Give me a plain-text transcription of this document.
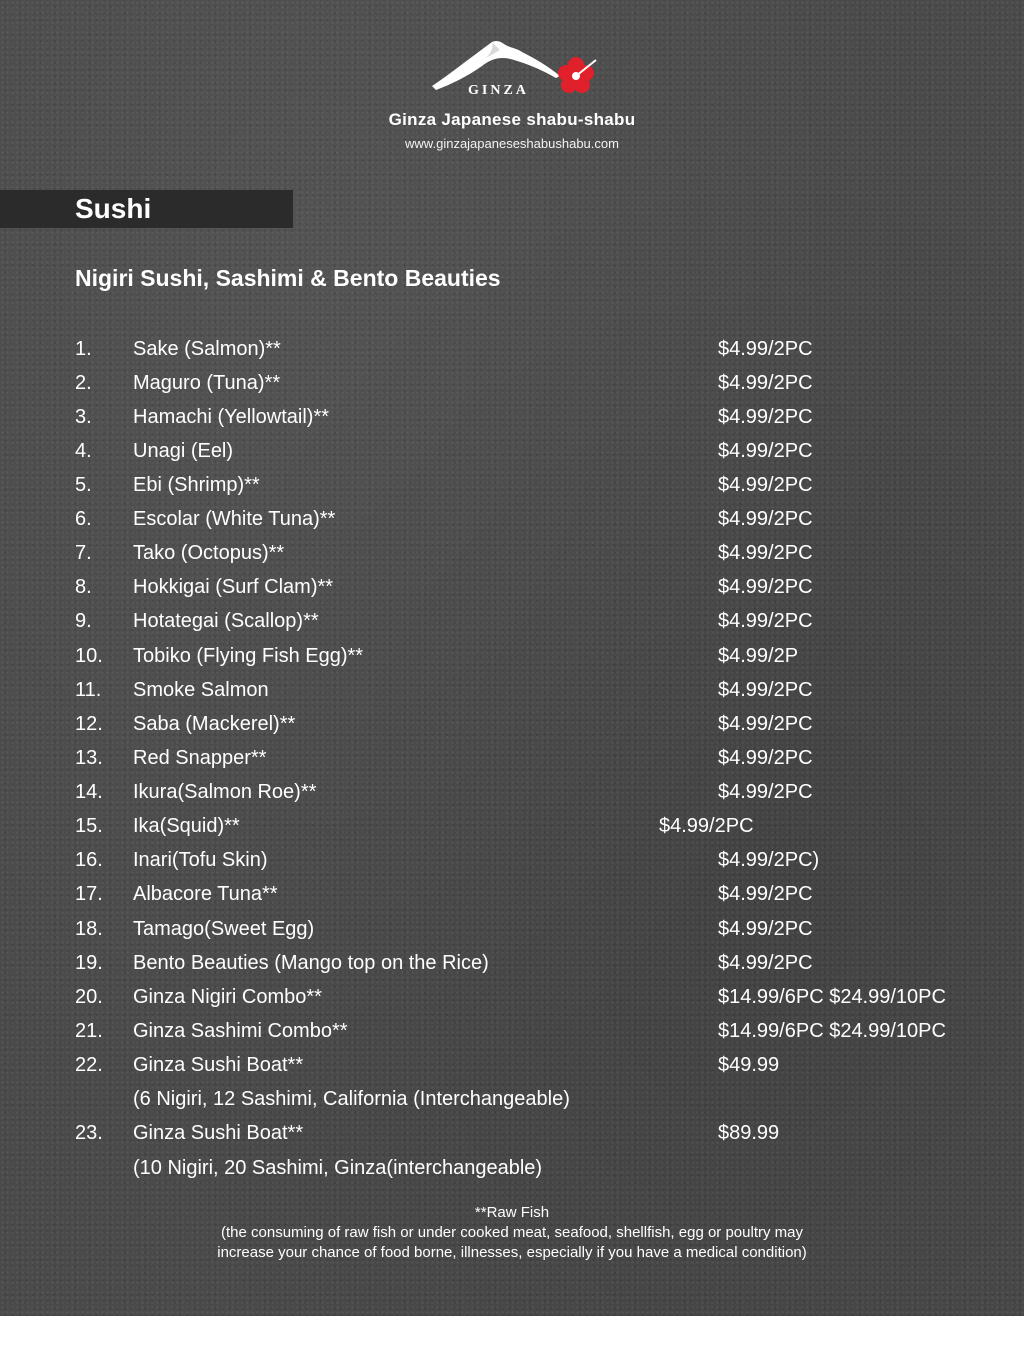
GINZA
Ginza Japanese shabu-shabu
www.ginzajapaneseshabushabu.com
Sushi
Nigiri Sushi, Sashimi & Bento Beauties
1. Sake (Salmon)**	$4.99/2PC
2. Maguro (Tuna)**	$4.99/2PC
3. Hamachi (Yellowtail)**	$4.99/2PC
4. Unagi (Eel)	$4.99/2PC
5. Ebi (Shrimp)**	$4.99/2PC
6. Escolar (White Tuna)**	$4.99/2PC
7. Tako (Octopus)**	$4.99/2PC
8. Hokkigai (Surf Clam)**	$4.99/2PC
9. Hotategai (Scallop)**	$4.99/2PC
10. Tobiko (Flying Fish Egg)**	$4.99/2P
11. Smoke Salmon	$4.99/2PC
12. Saba (Mackerel)**	$4.99/2PC
13. Red Snapper**	$4.99/2PC
14. Ikura(Salmon Roe)**	$4.99/2PC
15. Ika(Squid)**	$4.99/2PC
16. Inari(Tofu Skin)	$4.99/2PC)
17. Albacore Tuna**	$4.99/2PC
18. Tamago(Sweet Egg)	$4.99/2PC
19. Bento Beauties (Mango top on the Rice)	$4.99/2PC
20. Ginza Nigiri Combo**	$14.99/6PC $24.99/10PC
21. Ginza Sashimi Combo**	$14.99/6PC $24.99/10PC
22. Ginza Sushi Boat**	$49.99
(6 Nigiri, 12 Sashimi, California (Interchangeable)
23. Ginza Sushi Boat**	$89.99
(10 Nigiri, 20 Sashimi, Ginza(interchangeable)
**Raw Fish
(the consuming of raw fish or under cooked meat, seafood, shellfish, egg or poultry may
increase your chance of food borne, illnesses, especially if you have a medical condition)
